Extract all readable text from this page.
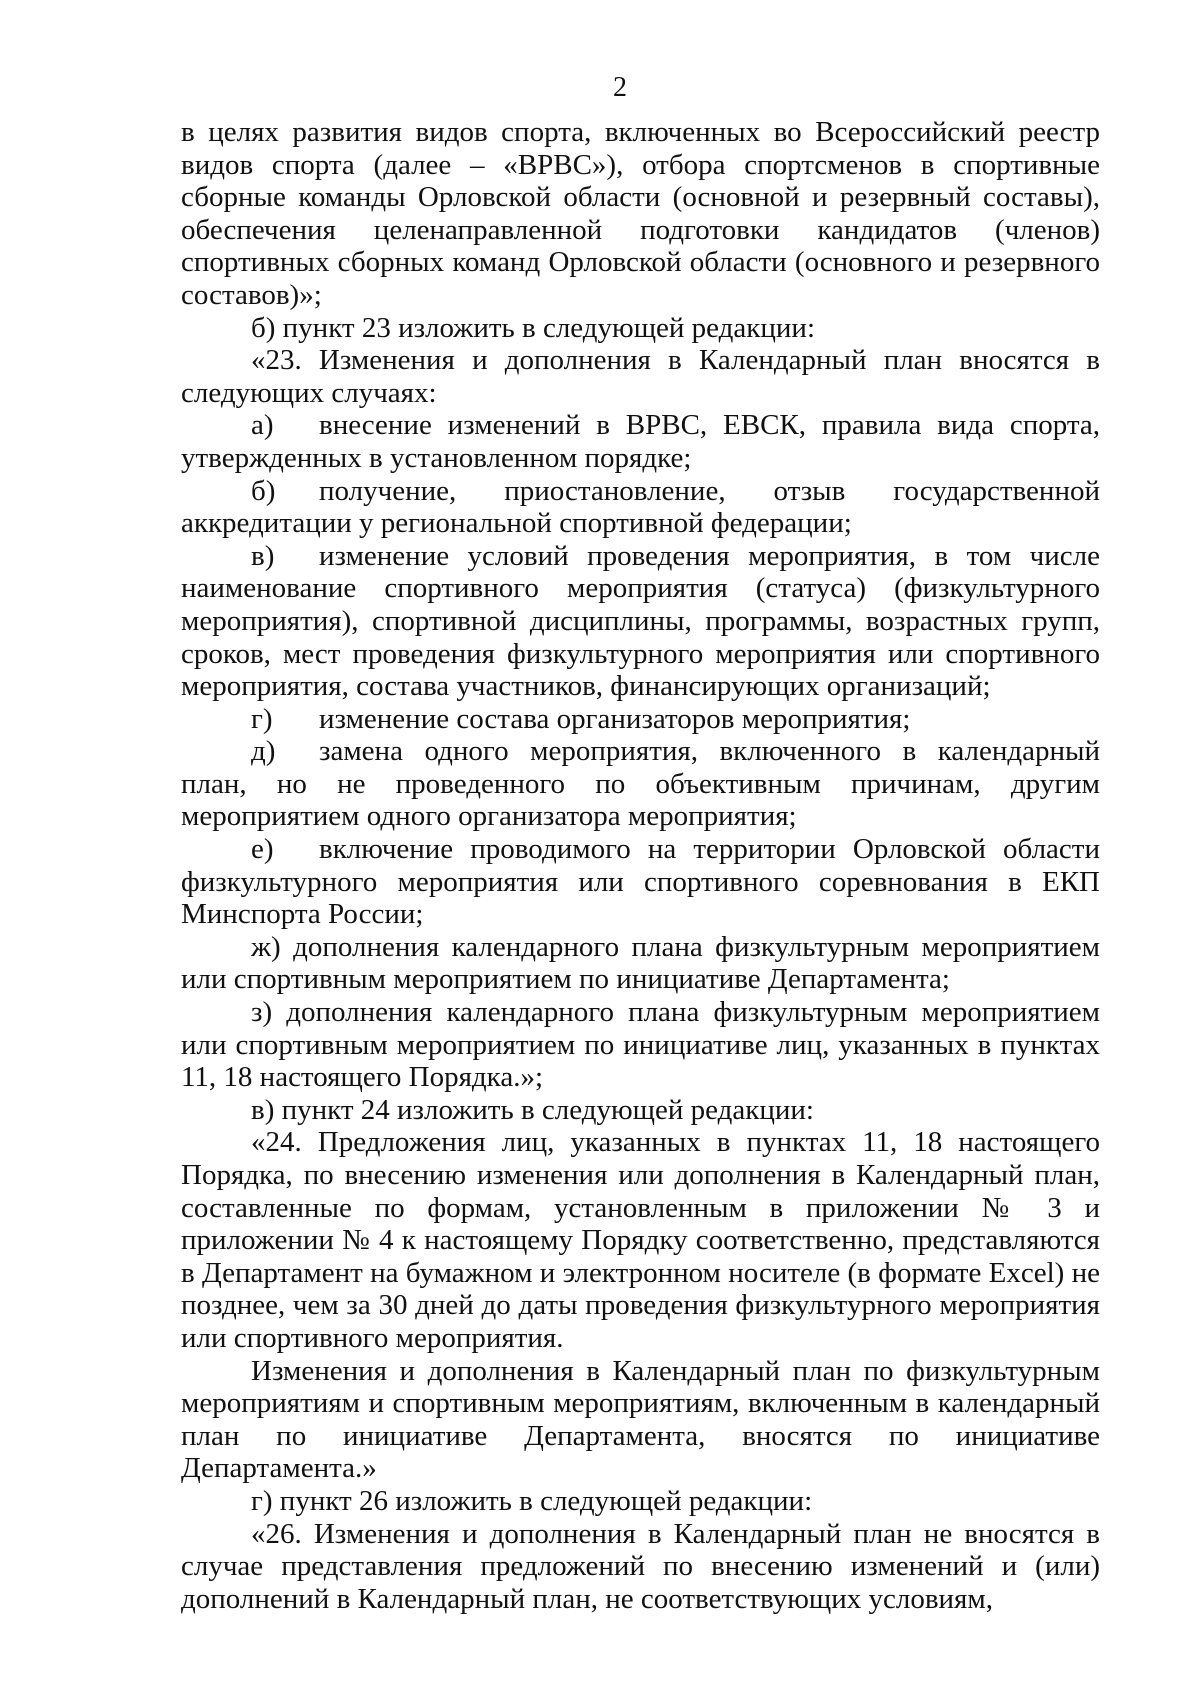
2

в целях развития видов спорта, включенных во Всероссийский реестр видов спорта (далее – «ВРВС»), отбора спортсменов в спортивные сборные команды Орловской области (основной и резервный составы), обеспечения целенаправленной подготовки кандидатов (членов) спортивных сборных команд Орловской области (основного и резервного составов)»;

б) пункт 23 изложить в следующей редакции:

«23. Изменения и дополнения в Календарный план вносятся в следующих случаях:

а) внесение изменений в ВРВС, ЕВСК, правила вида спорта, утвержденных в установленном порядке;

б) получение, приостановление, отзыв государственной аккредитации у региональной спортивной федерации;

в) изменение условий проведения мероприятия, в том числе наименование спортивного мероприятия (статуса) (физкультурного мероприятия), спортивной дисциплины, программы, возрастных групп, сроков, мест проведения физкультурного мероприятия или спортивного мероприятия, состава участников, финансирующих организаций;

г) изменение состава организаторов мероприятия;

д) замена одного мероприятия, включенного в календарный план, но не проведенного по объективным причинам, другим мероприятием одного организатора мероприятия;

е) включение проводимого на территории Орловской области физкультурного мероприятия или спортивного соревнования в ЕКП Минспорта России;

ж) дополнения календарного плана физкультурным мероприятием или спортивным мероприятием по инициативе Департамента;

з) дополнения календарного плана физкультурным мероприятием или спортивным мероприятием по инициативе лиц, указанных в пунктах 11, 18 настоящего Порядка.»;

в) пункт 24 изложить в следующей редакции:

«24. Предложения лиц, указанных в пунктах 11, 18 настоящего Порядка, по внесению изменения или дополнения в Календарный план, составленные по формам, установленным в приложении № 3 и приложении № 4 к настоящему Порядку соответственно, представляются в Департамент на бумажном и электронном носителе (в формате Excel) не позднее, чем за 30 дней до даты проведения физкультурного мероприятия или спортивного мероприятия.

Изменения и дополнения в Календарный план по физкультурным мероприятиям и спортивным мероприятиям, включенным в календарный план по инициативе Департамента, вносятся по инициативе Департамента.»

г) пункт 26 изложить в следующей редакции:

«26. Изменения и дополнения в Календарный план не вносятся в случае представления предложений по внесению изменений и (или) дополнений в Календарный план, не соответствующих условиям,
